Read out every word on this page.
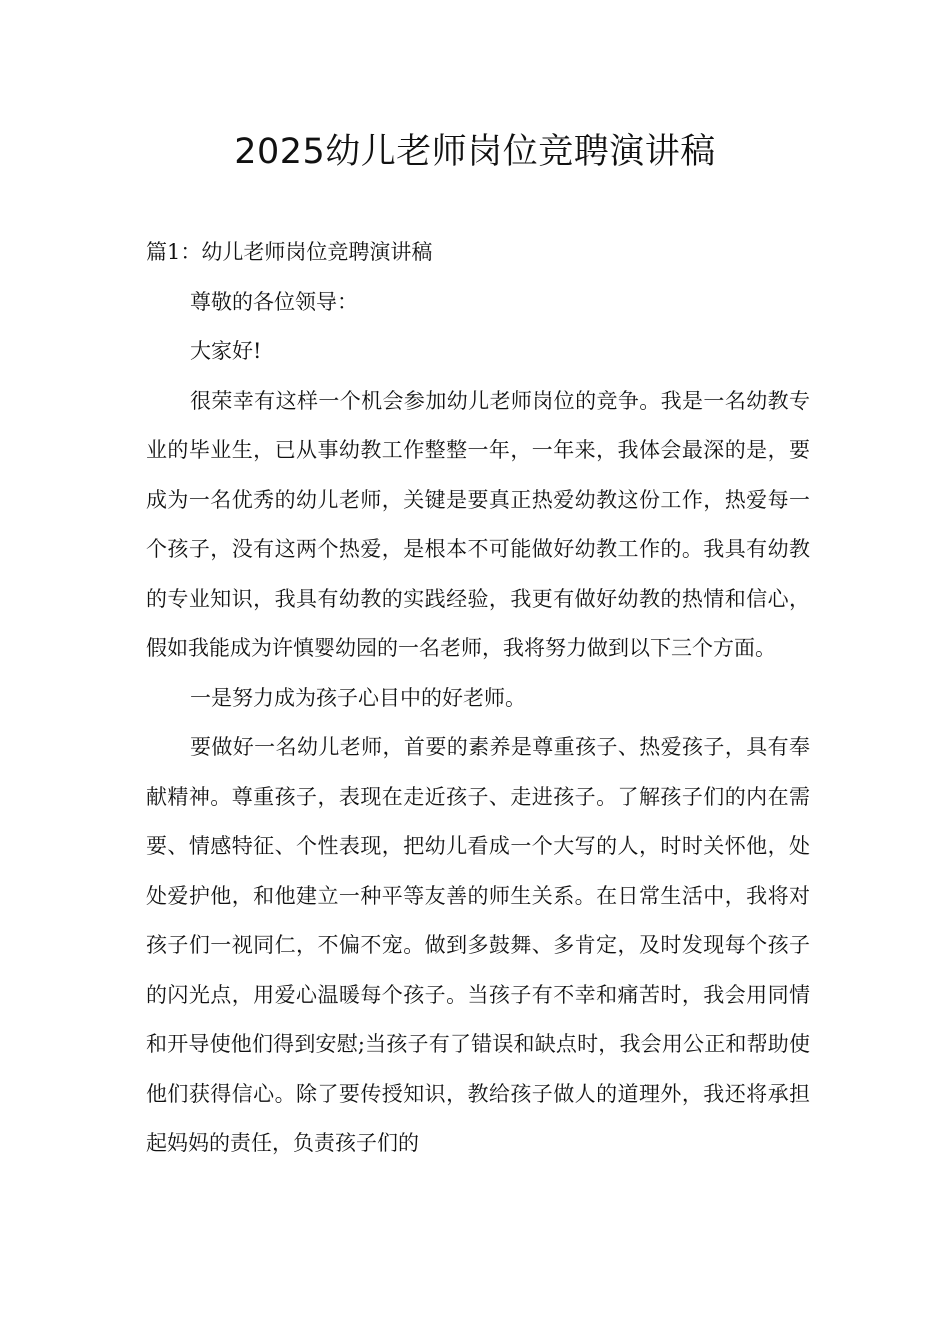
2025幼儿老师岗位竞聘演讲稿

篇1：幼儿老师岗位竞聘演讲稿

尊敬的各位领导：

大家好!

很荣幸有这样一个机会参加幼儿老师岗位的竞争。我是一名幼教专业的毕业生，已从事幼教工作整整一年，一年来，我体会最深的是，要成为一名优秀的幼儿老师，关键是要真正热爱幼教这份工作，热爱每一个孩子，没有这两个热爱，是根本不可能做好幼教工作的。我具有幼教的专业知识，我具有幼教的实践经验，我更有做好幼教的热情和信心，假如我能成为许慎婴幼园的一名老师，我将努力做到以下三个方面。

一是努力成为孩子心目中的好老师。

要做好一名幼儿老师，首要的素养是尊重孩子、热爱孩子，具有奉献精神。尊重孩子，表现在走近孩子、走进孩子。了解孩子们的内在需要、情感特征、个性表现，把幼儿看成一个大写的人，时时关怀他，处处爱护他，和他建立一种平等友善的师生关系。在日常生活中，我将对孩子们一视同仁，不偏不宠。做到多鼓舞、多肯定，及时发现每个孩子的闪光点，用爱心温暖每个孩子。当孩子有不幸和痛苦时，我会用同情和开导使他们得到安慰;当孩子有了错误和缺点时，我会用公正和帮助使他们获得信心。除了要传授知识，教给孩子做人的道理外，我还将承担起妈妈的责任，负责孩子们的
